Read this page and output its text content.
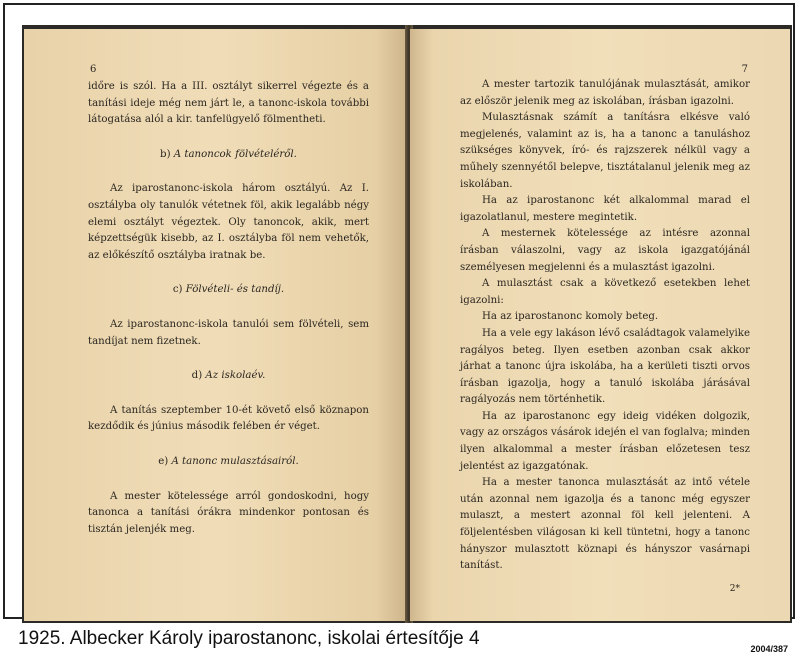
6

időre is szól. Ha a III. osztályt sikerrel végezte és a tanítási ideje még nem járt le, a tanonc-iskola további látogatása alól a kir. tanfelügyelő fölmentheti.

b) A tanoncok fölvételéről.

Az iparostanonc-iskola három osztályú. Az I. osztályba oly tanulók vétetnek föl, akik legalább négy elemi osztályt végeztek. Oly tanoncok, akik, mert képzettségük kisebb, az I. osztályba föl nem vehetők, az előkészítő osztályba iratnak be.

c) Fölvételi- és tandíj.

Az iparostanonc-iskola tanulói sem fölvételi, sem tandíjat nem fizetnek.

d) Az iskolaév.

A tanítás szeptember 10-ét követő első köznapon kezdődik és június második felében ér véget.

e) A tanonc mulasztásairól.

A mester kötelessége arról gondoskodni, hogy tanonca a tanítási órákra mindenkor pontosan és tisztán jelenjék meg.

7

A mester tartozik tanulójának mulasztását, amikor az először jelenik meg az iskolában, írásban igazolni.

Mulasztásnak számít a tanításra elkésve való megjelenés, valamint az is, ha a tanonc a tanuláshoz szükséges könyvek, író- és rajzszerek nélkül vagy a műhely szennyétől belepve, tisztátalanul jelenik meg az iskolában.

Ha az iparostanonc két alkalommal marad el igazolatlanul, mestere megintetik.

A mesternek kötelessége az intésre azonnal írásban válaszolni, vagy az iskola igazgatójánál személyesen megjelenni és a mulasztást igazolni.

A mulasztást csak a következő esetekben lehet igazolni:

Ha az iparostanonc komoly beteg.

Ha a vele egy lakáson lévő családtagok valamelyike ragályos beteg. Ilyen esetben azonban csak akkor járhat a tanonc újra iskolába, ha a kerületi tiszti orvos írásban igazolja, hogy a tanuló iskolába járásával ragályozás nem történhetik.

Ha az iparostanonc egy ideig vidéken dolgozik, vagy az országos vásárok idején el van foglalva; minden ilyen alkalommal a mester írásban előzetesen tesz jelentést az igazgatónak.

Ha a mester tanonca mulasztását az intő vétele után azonnal nem igazolja és a tanonc még egyszer mulaszt, a mestert azonnal föl kell jelenteni. A följelentésben világosan ki kell tüntetni, hogy a tanonc hányszor mulasztott köznapi és hányszor vasárnapi tanítást.

2*
1925. Albecker Károly iparostanonc, iskolai értesítője 4	2004/387
